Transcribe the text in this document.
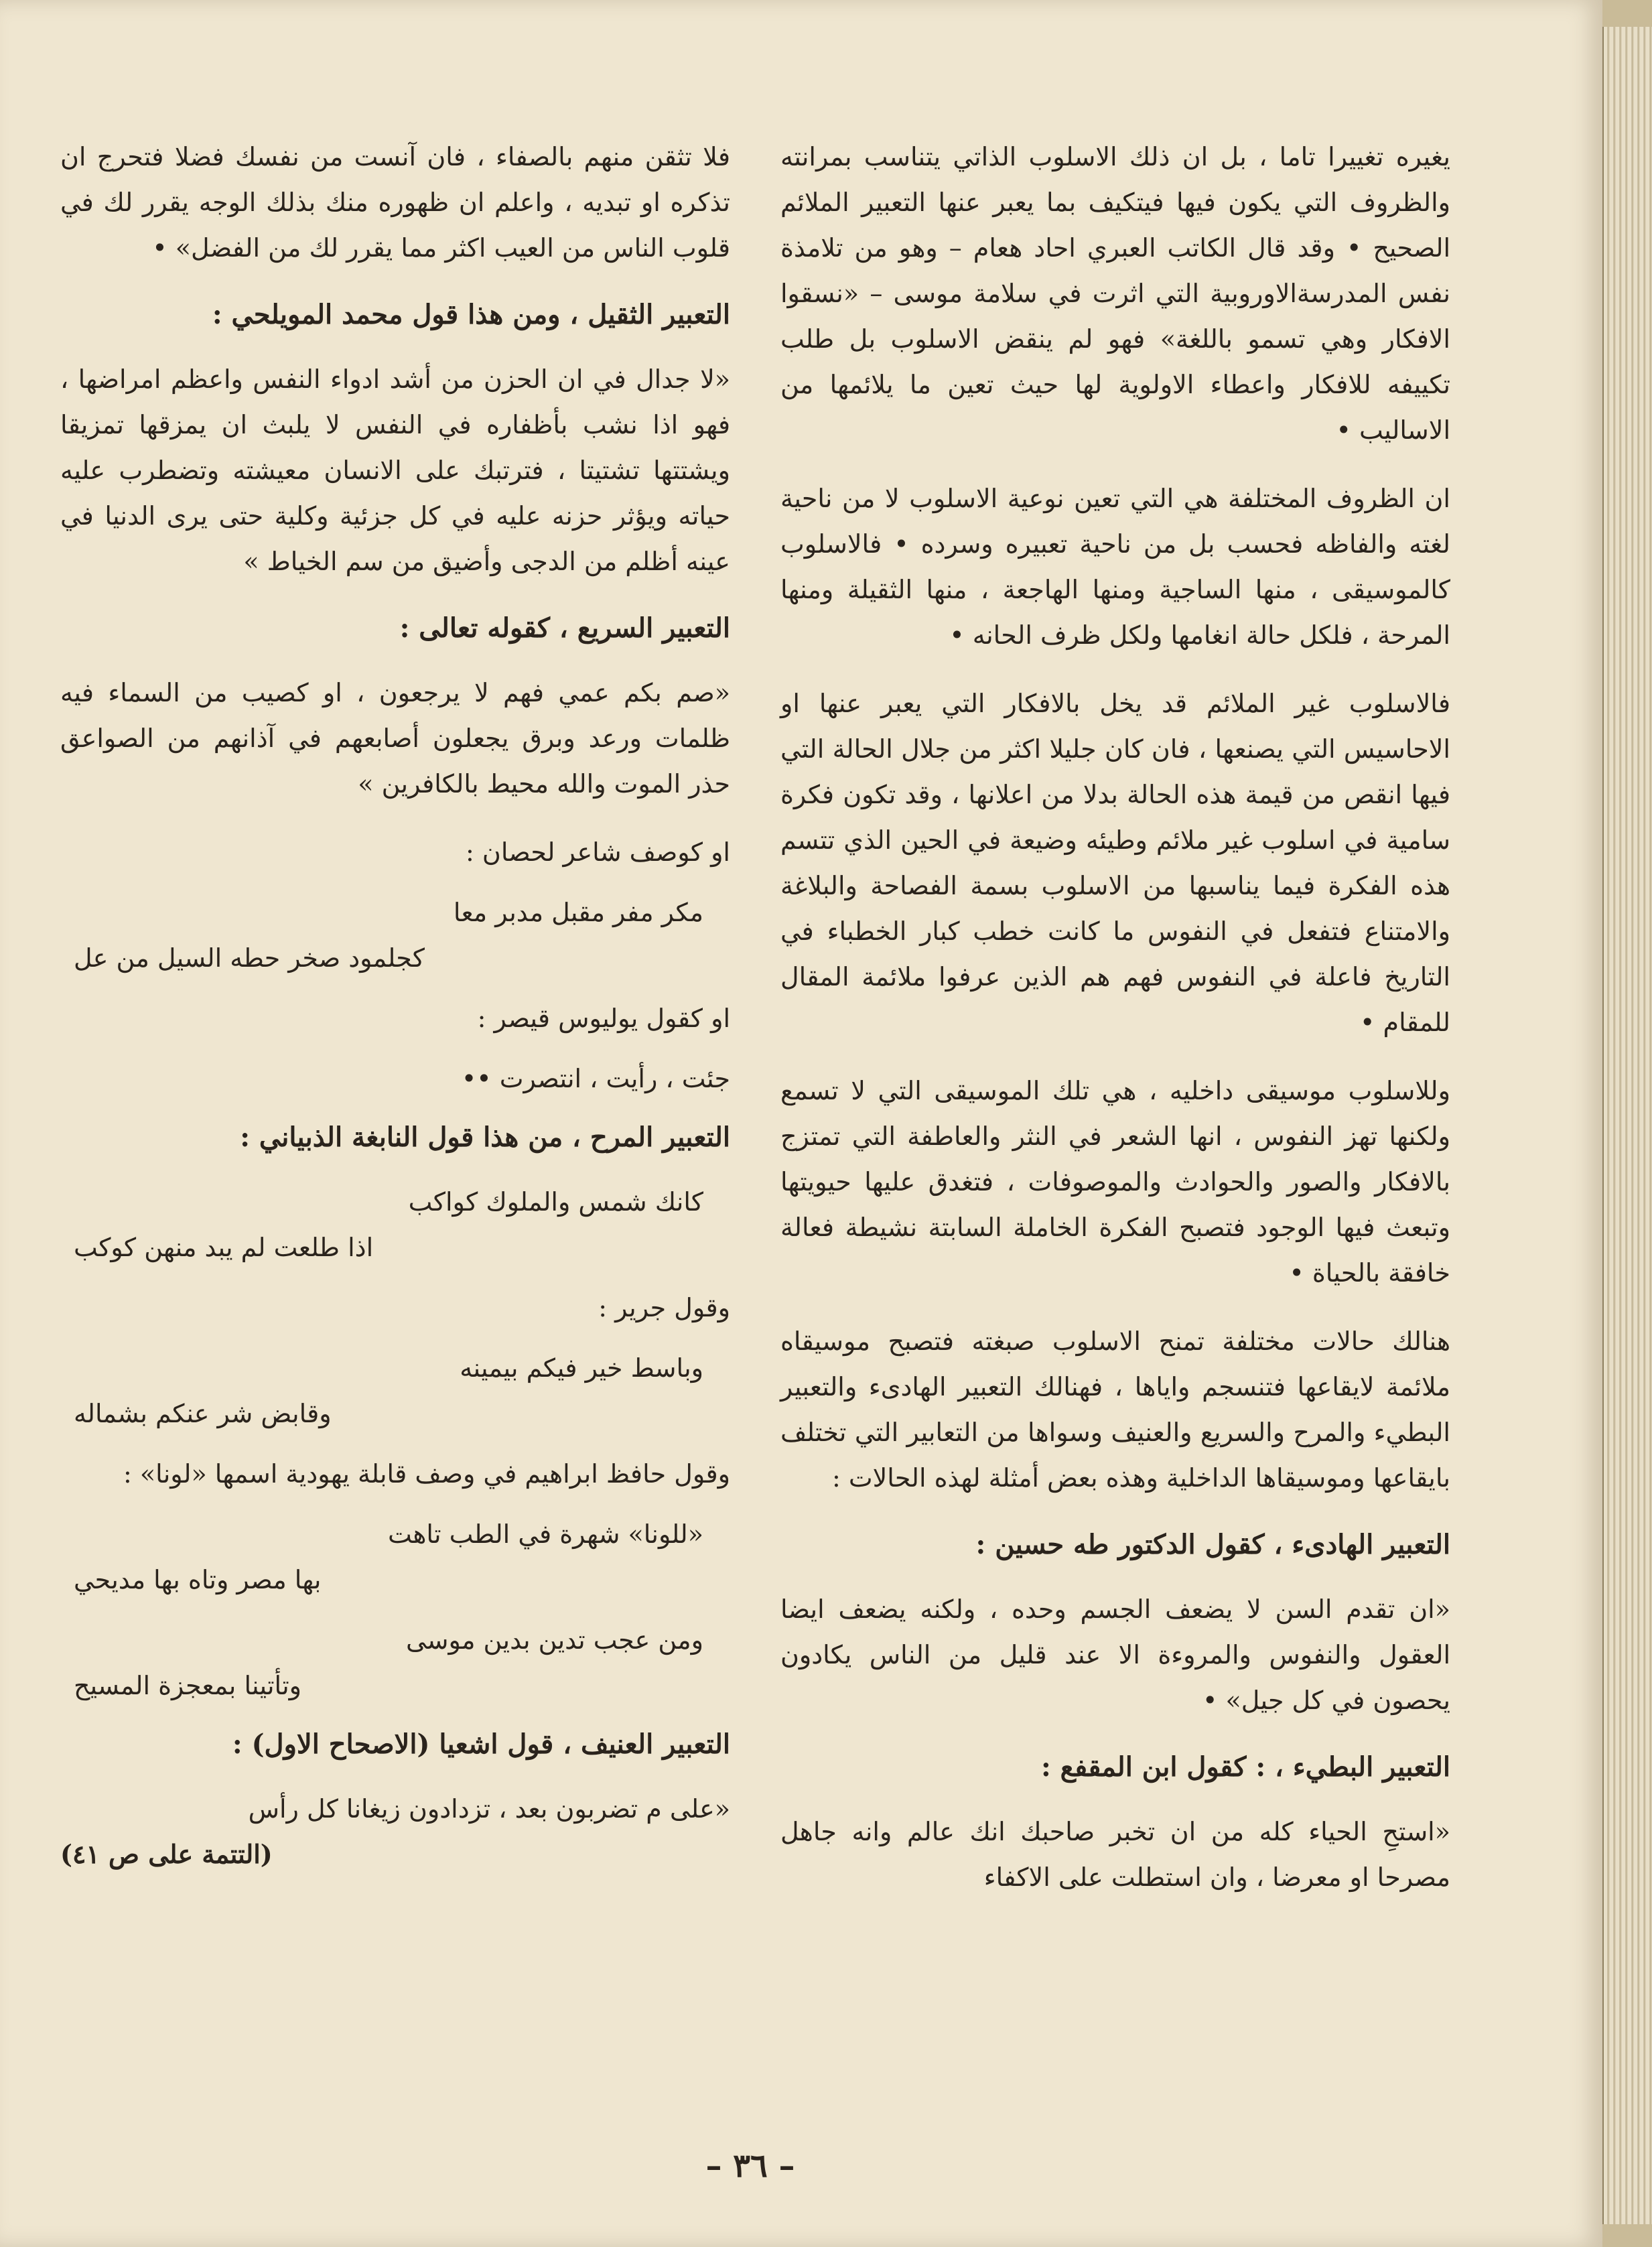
يغيره تغييرا تاما ، بل ان ذلك الاسلوب الذاتي يتناسب بمرانته والظروف التي يكون فيها فيتكيف بما يعبر عنها التعبير الملائم الصحيح • وقد قال الكاتب العبري احاد هعام – وهو من تلامذة نفس المدرسةالاوروبية التي اثرت في سلامة موسى – «نسقوا الافكار وهي تسمو باللغة» فهو لم ينقض الاسلوب بل طلب تكييفه للافكار واعطاء الاولوية لها حيث تعين ما يلائمها من الاساليب •

ان الظروف المختلفة هي التي تعين نوعية الاسلوب لا من ناحية لغته والفاظه فحسب بل من ناحية تعبيره وسرده • فالاسلوب كالموسيقى ، منها الساجية ومنها الهاجعة ، منها الثقيلة ومنها المرحة ، فلكل حالة انغامها ولكل ظرف الحانه •

فالاسلوب غير الملائم قد يخل بالافكار التي يعبر عنها او الاحاسيس التي يصنعها ، فان كان جليلا اكثر من جلال الحالة التي فيها انقص من قيمة هذه الحالة بدلا من اعلانها ، وقد تكون فكرة سامية في اسلوب غير ملائم وطيئه وضيعة في الحين الذي تتسم هذه الفكرة فيما يناسبها من الاسلوب بسمة الفصاحة والبلاغة والامتناع فتفعل في النفوس ما كانت خطب كبار الخطباء في التاريخ فاعلة في النفوس فهم هم الذين عرفوا ملائمة المقال للمقام •

وللاسلوب موسيقى داخليه ، هي تلك الموسيقى التي لا تسمع ولكنها تهز النفوس ، انها الشعر في النثر والعاطفة التي تمتزج بالافكار والصور والحوادث والموصوفات ، فتغدق عليها حيويتها وتبعث فيها الوجود فتصبح الفكرة الخاملة السابتة نشيطة فعالة خافقة بالحياة •

هنالك حالات مختلفة تمنح الاسلوب صبغته فتصبح موسيقاه ملائمة لايقاعها فتنسجم واياها ، فهنالك التعبير الهادىء والتعبير البطيء والمرح والسريع والعنيف وسواها من التعابير التي تختلف بايقاعها وموسيقاها الداخلية وهذه بعض أمثلة لهذه الحالات :

التعبير الهادىء ، كقول الدكتور طه حسين :

«ان تقدم السن لا يضعف الجسم وحده ، ولكنه يضعف ايضا العقول والنفوس والمروءة الا عند قليل من الناس يكادون يحصون في كل جيل» •

التعبير البطيء ، : كقول ابن المقفع :

«استحِ الحياء كله من ان تخبر صاحبك انك عالم وانه جاهل مصرحا او معرضا ، وان استطلت على الاكفاء

فلا تثقن منهم بالصفاء ، فان آنست من نفسك فضلا فتحرج ان تذكره او تبديه ، واعلم ان ظهوره منك بذلك الوجه يقرر لك في قلوب الناس من العيب اكثر مما يقرر لك من الفضل» •

التعبير الثقيل ، ومن هذا قول محمد المويلحي :

«لا جدال في ان الحزن من أشد ادواء النفس واعظم امراضها ، فهو اذا نشب بأظفاره في النفس لا يلبث ان يمزقها تمزيقا ويشتتها تشتيتا ، فترتبك على الانسان معيشته وتضطرب عليه حياته ويؤثر حزنه عليه في كل جزئية وكلية حتى يرى الدنيا في عينه أظلم من الدجى وأضيق من سم الخياط »

التعبير السريع ، كقوله تعالى :

«صم بكم عمي فهم لا يرجعون ، او كصيب من السماء فيه ظلمات ورعد وبرق يجعلون أصابعهم في آذانهم من الصواعق حذر الموت والله محيط بالكافرين »

او كوصف شاعر لحصان :

مكر مفر مقبل مدبر معا
كجلمود صخر حطه السيل من عل

او كقول يوليوس قيصر :

جئت ، رأيت ، انتصرت ••

التعبير المرح ، من هذا قول النابغة الذبياني :
كانك شمس والملوك كواكب
اذا طلعت لم يبد منهن كوكب

وقول جرير :

وباسط خير فيكم بيمينه
وقابض شر عنكم بشماله

وقول حافظ ابراهيم في وصف قابلة يهودية اسمها «لونا» :

«للونا» شهرة في الطب تاهت
بها مصر وتاه بها مديحي
ومن عجب تدين بدين موسى
وتأتينا بمعجزة المسيح
التعبير العنيف ، قول اشعيا (الاصحاح الاول) :

«على م تضربون بعد ، تزدادون زيغانا كل رأس

(التتمة على ص ٤١)
– ٣٦ –
